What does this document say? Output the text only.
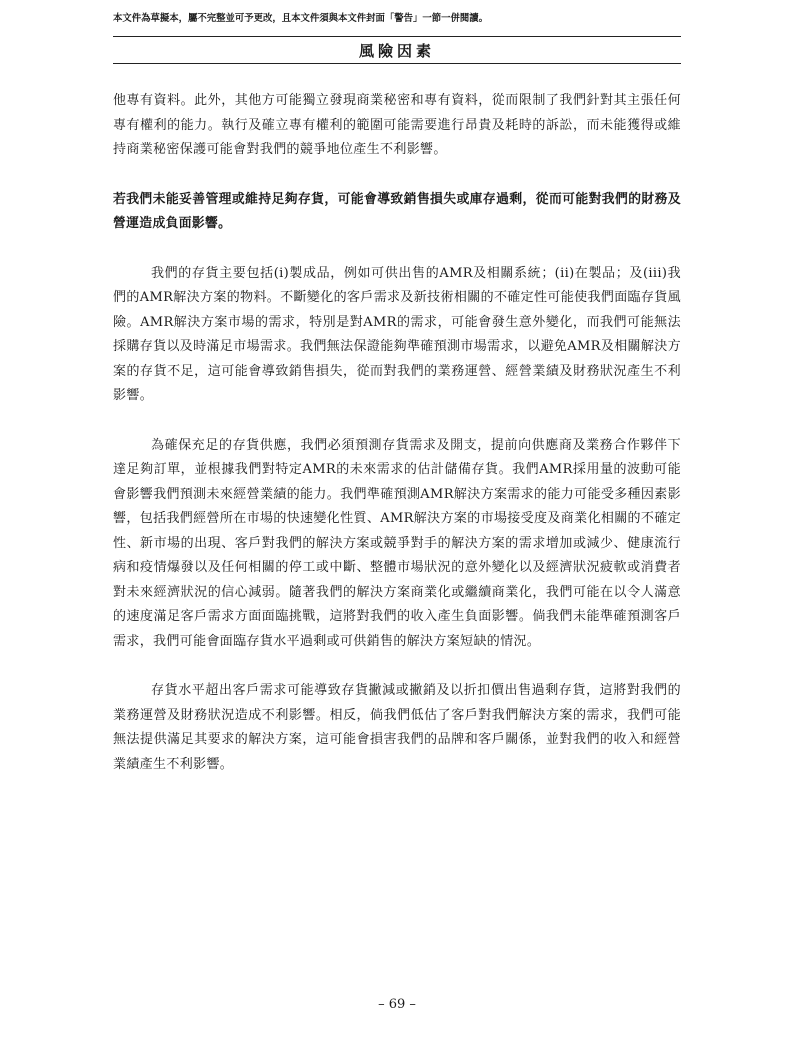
本文件為草擬本，屬不完整並可予更改，且本文件須與本文件封面「警告」一節一併閱讀。
風險因素

他專有資料。此外，其他方可能獨立發現商業秘密和專有資料，從而限制了我們針對其主張任何專有權利的能力。執行及確立專有權利的範圍可能需要進行昂貴及耗時的訴訟，而未能獲得或維持商業秘密保護可能會對我們的競爭地位產生不利影響。

若我們未能妥善管理或維持足夠存貨，可能會導致銷售損失或庫存過剩，從而可能對我們的財務及營運造成負面影響。

我們的存貨主要包括(i)製成品，例如可供出售的AMR及相關系統；(ii)在製品；及(iii)我們的AMR解決方案的物料。不斷變化的客戶需求及新技術相關的不確定性可能使我們面臨存貨風險。AMR解決方案市場的需求，特別是對AMR的需求，可能會發生意外變化，而我們可能無法採購存貨以及時滿足市場需求。我們無法保證能夠準確預測市場需求，以避免AMR及相關解決方案的存貨不足，這可能會導致銷售損失，從而對我們的業務運營、經營業績及財務狀況產生不利影響。

為確保充足的存貨供應，我們必須預測存貨需求及開支，提前向供應商及業務合作夥伴下達足夠訂單，並根據我們對特定AMR的未來需求的估計儲備存貨。我們AMR採用量的波動可能會影響我們預測未來經營業績的能力。我們準確預測AMR解決方案需求的能力可能受多種因素影響，包括我們經營所在市場的快速變化性質、AMR解決方案的市場接受度及商業化相關的不確定性、新市場的出現、客戶對我們的解決方案或競爭對手的解決方案的需求增加或減少、健康流行病和疫情爆發以及任何相關的停工或中斷、整體市場狀況的意外變化以及經濟狀況疲軟或消費者對未來經濟狀況的信心減弱。隨著我們的解決方案商業化或繼續商業化，我們可能在以令人滿意的速度滿足客戶需求方面面臨挑戰，這將對我們的收入產生負面影響。倘我們未能準確預測客戶需求，我們可能會面臨存貨水平過剩或可供銷售的解決方案短缺的情況。

存貨水平超出客戶需求可能導致存貨撇減或撇銷及以折扣價出售過剩存貨，這將對我們的業務運營及財務狀況造成不利影響。相反，倘我們低估了客戶對我們解決方案的需求，我們可能無法提供滿足其要求的解決方案，這可能會損害我們的品牌和客戶關係，並對我們的收入和經營業績產生不利影響。

– 69 –
